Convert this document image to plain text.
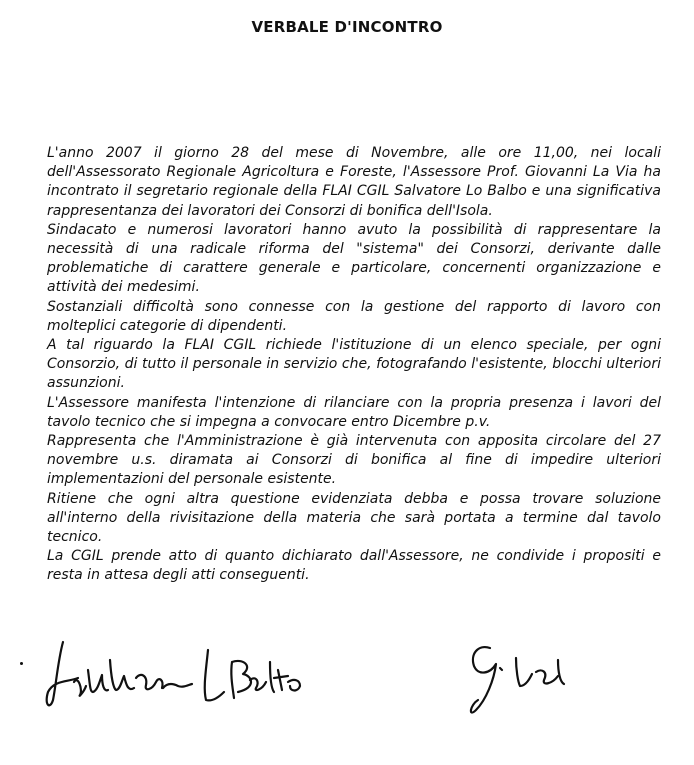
VERBALE D'INCONTRO

L'anno 2007 il giorno 28 del mese di Novembre, alle ore 11,00, nei locali dell'Assessorato Regionale Agricoltura e Foreste, l'Assessore Prof. Giovanni La Via ha incontrato il segretario regionale della FLAI CGIL Salvatore Lo Balbo e una significativa rappresentanza dei lavoratori dei Consorzi di bonifica dell'Isola.

Sindacato e numerosi lavoratori hanno avuto la possibilità di rappresentare la necessità di una radicale riforma del "sistema" dei Consorzi, derivante dalle problematiche di carattere generale e particolare, concernenti organizzazione e attività dei medesimi.

Sostanziali difficoltà sono connesse con la gestione del rapporto di lavoro con molteplici categorie di dipendenti.

A tal riguardo la FLAI CGIL richiede l'istituzione di un elenco speciale, per ogni Consorzio, di tutto il personale in servizio che, fotografando l'esistente, blocchi ulteriori assunzioni.

L'Assessore manifesta l'intenzione di rilanciare con la propria presenza i lavori del tavolo tecnico che si impegna a convocare entro Dicembre p.v.

Rappresenta che l'Amministrazione è già intervenuta con apposita circolare del 27 novembre u.s. diramata ai Consorzi di bonifica al fine di impedire ulteriori implementazioni del personale esistente.

Ritiene che ogni altra questione evidenziata debba e possa trovare soluzione all'interno della rivisitazione della materia che sarà portata a termine dal tavolo tecnico.

La CGIL prende atto di quanto dichiarato dall'Assessore, ne condivide i propositi e resta in attesa degli atti conseguenti.
